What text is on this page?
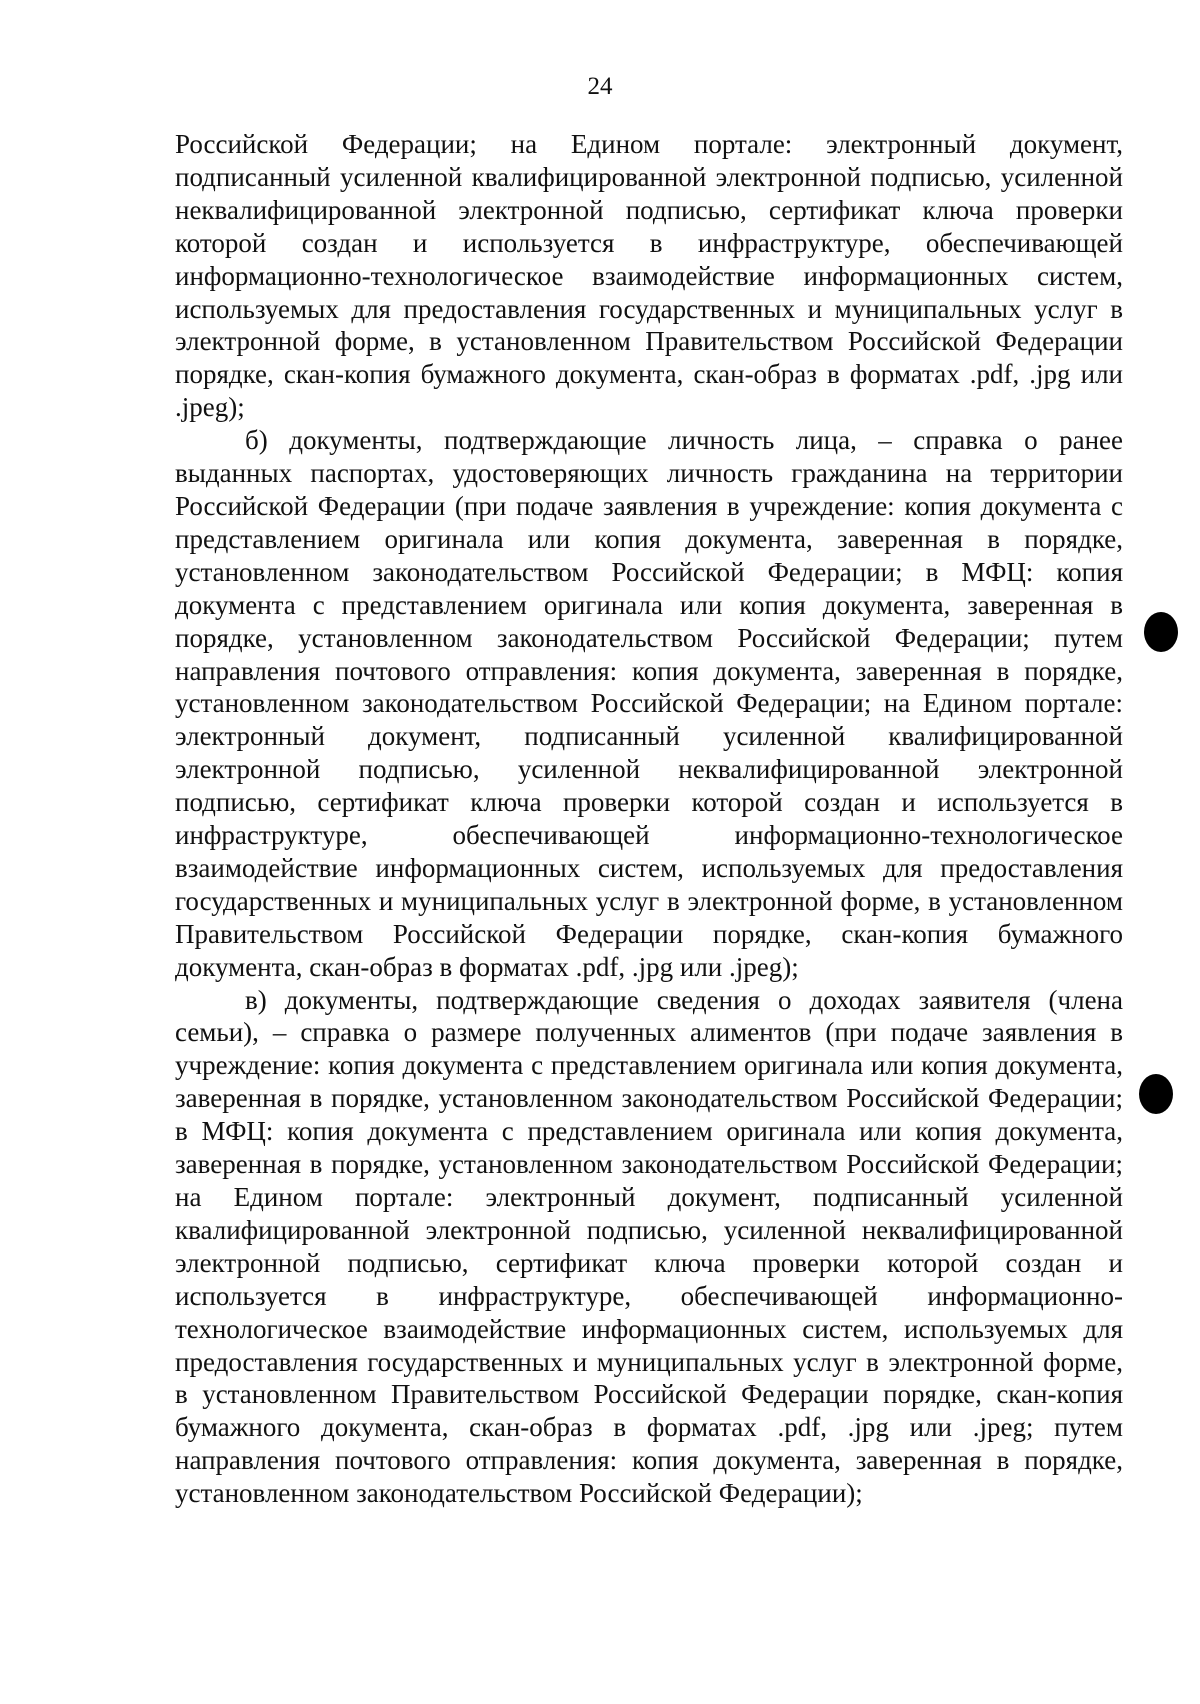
24

Российской Федерации; на Едином портале: электронный документ, подписанный усиленной квалифицированной электронной подписью, усиленной неквалифицированной электронной подписью, сертификат ключа проверки которой создан и используется в инфраструктуре, обеспечивающей информационно-технологическое взаимодействие информационных систем, используемых для предоставления государственных и муниципальных услуг в электронной форме, в установленном Правительством Российской Федерации порядке, скан-копия бумажного документа, скан-образ в форматах .pdf, .jpg или .jpeg);

б) документы, подтверждающие личность лица, – справка о ранее выданных паспортах, удостоверяющих личность гражданина на территории Российской Федерации (при подаче заявления в учреждение: копия документа с представлением оригинала или копия документа, заверенная в порядке, установленном законодательством Российской Федерации; в МФЦ: копия документа с представлением оригинала или копия документа, заверенная в порядке, установленном законодательством Российской Федерации; путем направления почтового отправления: копия документа, заверенная в порядке, установленном законодательством Российской Федерации; на Едином портале: электронный документ, подписанный усиленной квалифицированной электронной подписью, усиленной неквалифицированной электронной подписью, сертификат ключа проверки которой создан и используется в инфраструктуре, обеспечивающей информационно-технологическое взаимодействие информационных систем, используемых для предоставления государственных и муниципальных услуг в электронной форме, в установленном Правительством Российской Федерации порядке, скан-копия бумажного документа, скан-образ в форматах .pdf, .jpg или .jpeg);

в) документы, подтверждающие сведения о доходах заявителя (члена семьи), – справка о размере полученных алиментов (при подаче заявления в учреждение: копия документа с представлением оригинала или копия документа, заверенная в порядке, установленном законодательством Российской Федерации; в МФЦ: копия документа с представлением оригинала или копия документа, заверенная в порядке, установленном законодательством Российской Федерации; на Едином портале: электронный документ, подписанный усиленной квалифицированной электронной подписью, усиленной неквалифицированной электронной подписью, сертификат ключа проверки которой создан и используется в инфраструктуре, обеспечивающей информационно-технологическое взаимодействие информационных систем, используемых для предоставления государственных и муниципальных услуг в электронной форме, в установленном Правительством Российской Федерации порядке, скан-копия бумажного документа, скан-образ в форматах .pdf, .jpg или .jpeg; путем направления почтового отправления: копия документа, заверенная в порядке, установленном законодательством Российской Федерации);
